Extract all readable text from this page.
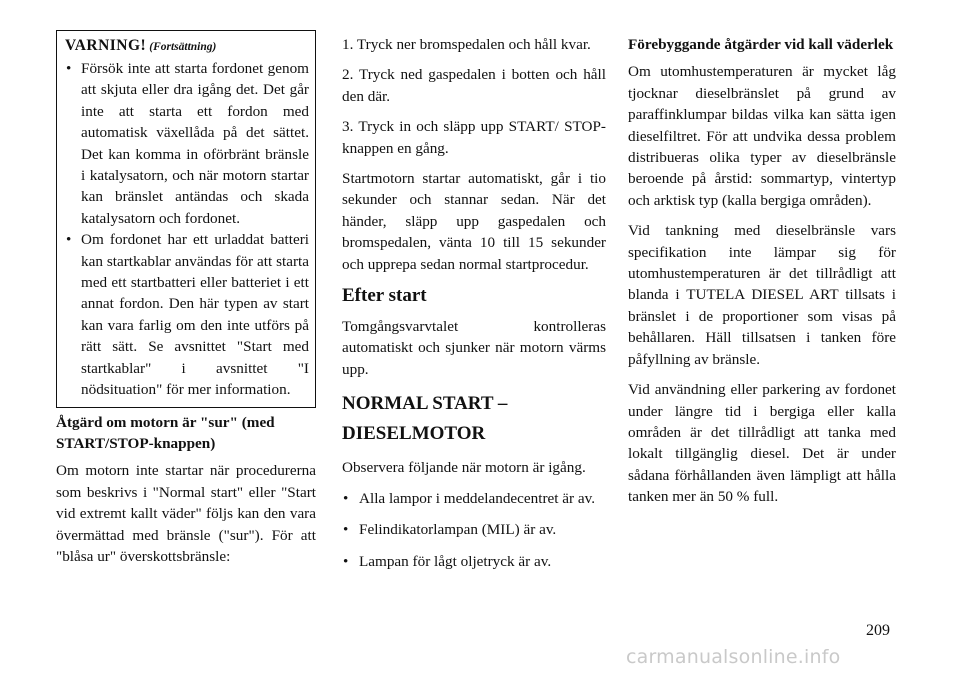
VARNING! (Fortsättning)
• Försök inte att starta fordonet genom att skjuta eller dra igång det. Det går inte att starta ett fordon med automatisk växellåda på det sättet. Det kan komma in oförbränt bränsle i katalysatorn, och när motorn startar kan bränslet antändas och skada katalysatorn och fordonet.
• Om fordonet har ett urladdat batteri kan startkablar användas för att starta med ett startbatteri eller batteriet i ett annat fordon. Den här typen av start kan vara farlig om den inte utförs på rätt sätt. Se avsnittet "Start med startkablar" i avsnittet "I nödsituation" för mer information.

Åtgärd om motorn är "sur" (med START/STOP-knappen)

Om motorn inte startar när procedurerna som beskrivs i "Normal start" eller "Start vid extremt kallt väder" följs kan den vara övermättad med bränsle ("sur"). För att "blåsa ur" överskottsbränsle:

1. Tryck ner bromspedalen och håll kvar.

2. Tryck ned gaspedalen i botten och håll den där.

3. Tryck in och släpp upp START/ STOP-knappen en gång.

Startmotorn startar automatiskt, går i tio sekunder och stannar sedan. När det händer, släpp upp gaspedalen och bromspedalen, vänta 10 till 15 sekunder och upprepa sedan normal startprocedur.

Efter start

Tomgångsvarvtalet kontrolleras automatiskt och sjunker när motorn värms upp.

NORMAL START –
DIESELMOTOR

Observera följande när motorn är igång.

• Alla lampor i meddelandecentret är av.
• Felindikatorlampan (MIL) är av.
• Lampan för lågt oljetryck är av.

Förebyggande åtgärder vid kall väderlek

Om utomhustemperaturen är mycket låg tjocknar dieselbränslet på grund av paraffinklumpar bildas vilka kan sätta igen dieselfiltret. För att undvika dessa problem distribueras olika typer av dieselbränsle beroende på årstid: sommartyp, vintertyp och arktisk typ (kalla bergiga områden).

Vid tankning med dieselbränsle vars specifikation inte lämpar sig för utomhustemperaturen är det tillrådligt att blanda i TUTELA DIESEL ART tillsats i bränslet i de proportioner som visas på behållaren. Häll tillsatsen i tanken före påfyllning av bränsle.

Vid användning eller parkering av fordonet under längre tid i bergiga eller kalla områden är det tillrådligt att tanka med lokalt tillgänglig diesel. Det är under sådana förhållanden även lämpligt att hålla tanken mer än 50 % full.

209
carmanualsonline.info
